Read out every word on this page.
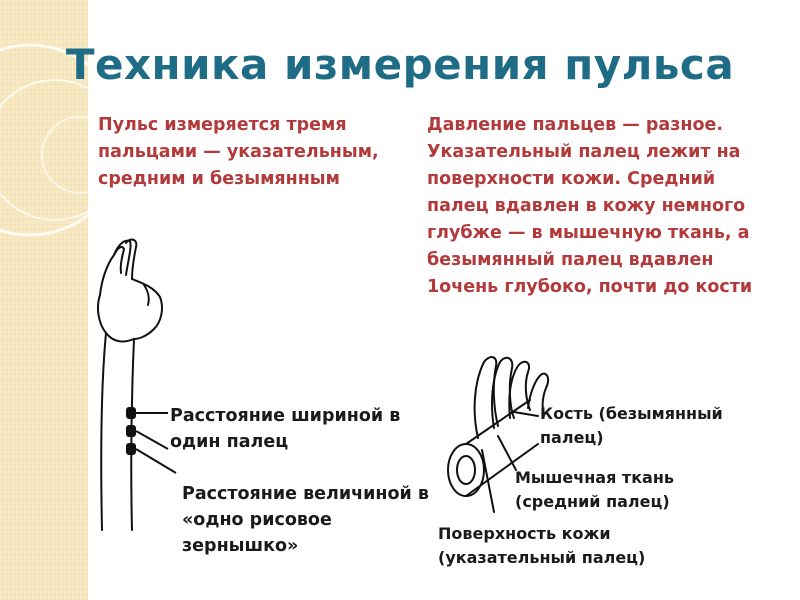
Техника измерения пульса
Пульс измеряется тремя пальцами — указательным, средним и безымянным
Давление пальцев — разное. Указательный палец лежит на поверхности кожи. Средний палец вдавлен в кожу немного глубже — в мышечную ткань, а безымянный палец вдавлен 1очень глубоко, почти до кости
Расстояние шириной в один палец
Расстояние величиной в «одно рисовое зернышко»
Кость (безымянный палец)
Мышечная ткань (средний палец)
Поверхность кожи (указательный палец)
